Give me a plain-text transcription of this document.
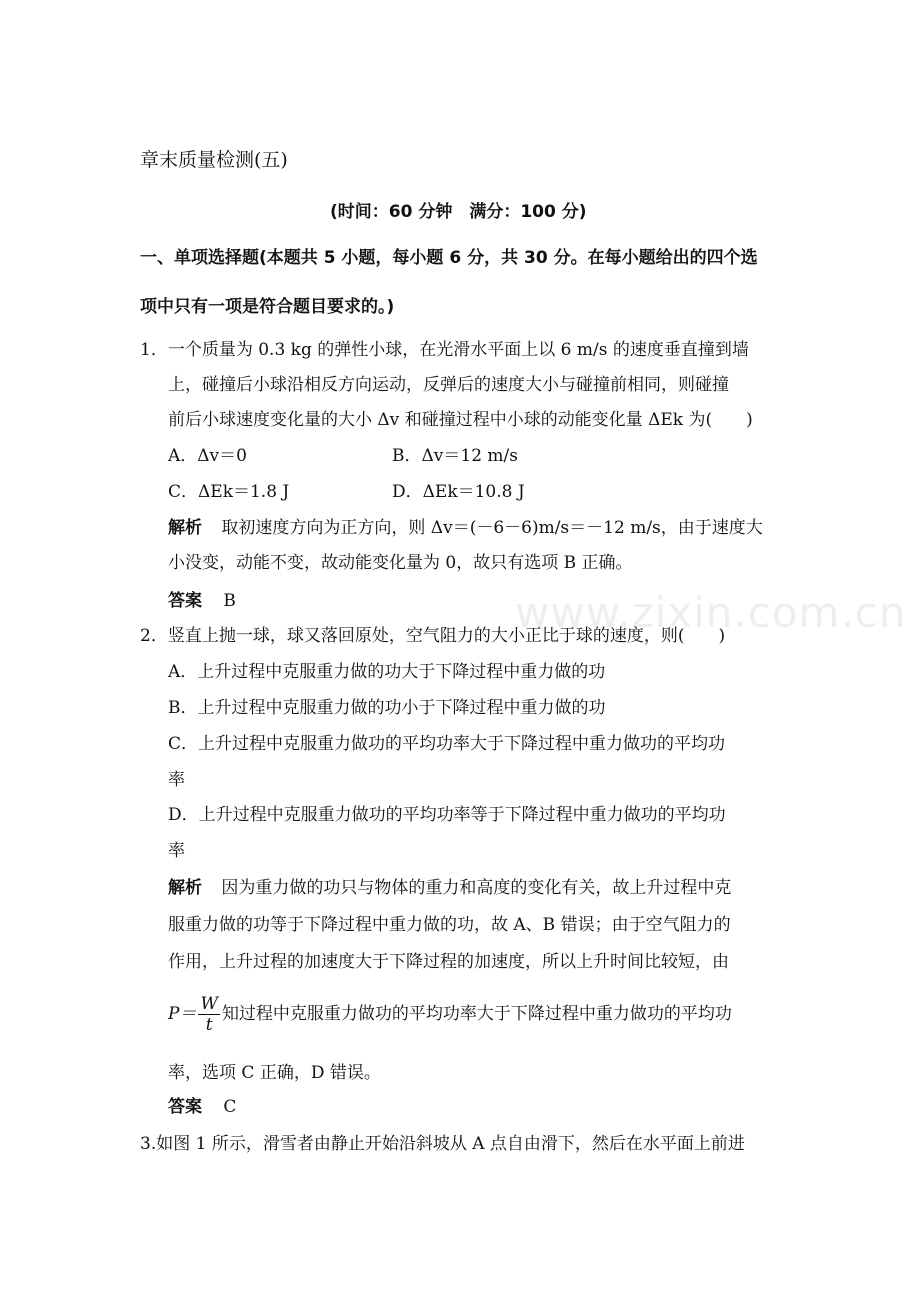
www.zixin.com.cn
章末质量检测(五)
(时间：60 分钟　满分：100 分)
一、单项选择题(本题共 5 小题，每小题 6 分，共 30 分。在每小题给出的四个选
项中只有一项是符合题目要求的。)
1．一个质量为 0.3 kg 的弹性小球，在光滑水平面上以 6 m/s 的速度垂直撞到墙
上，碰撞后小球沿相反方向运动，反弹后的速度大小与碰撞前相同，则碰撞
前后小球速度变化量的大小 Δv 和碰撞过程中小球的动能变化量 ΔEk 为(　　)
A．Δv＝0	B．Δv＝12 m/s
C．ΔEk＝1.8 J	D．ΔEk＝10.8 J
解析 取初速度方向为正方向，则 Δv＝(－6－6)m/s＝－12 m/s，由于速度大
小没变，动能不变，故动能变化量为 0，故只有选项 B 正确。
答案 B
2．竖直上抛一球，球又落回原处，空气阻力的大小正比于球的速度，则(　　)
A．上升过程中克服重力做的功大于下降过程中重力做的功
B．上升过程中克服重力做的功小于下降过程中重力做的功
C．上升过程中克服重力做功的平均功率大于下降过程中重力做功的平均功
率
D．上升过程中克服重力做功的平均功率等于下降过程中重力做功的平均功
率
解析 因为重力做的功只与物体的重力和高度的变化有关，故上升过程中克
服重力做的功等于下降过程中重力做的功，故 A、B 错误；由于空气阻力的
作用，上升过程的加速度大于下降过程的加速度，所以上升时间比较短，由
$P= \frac{W}{t}$ 知过程中克服重力做功的平均功率大于下降过程中重力做功的平均功
率，选项 C 正确，D 错误。
答案 C
3.如图 1 所示，滑雪者由静止开始沿斜坡从 A 点自由滑下，然后在水平面上前进
